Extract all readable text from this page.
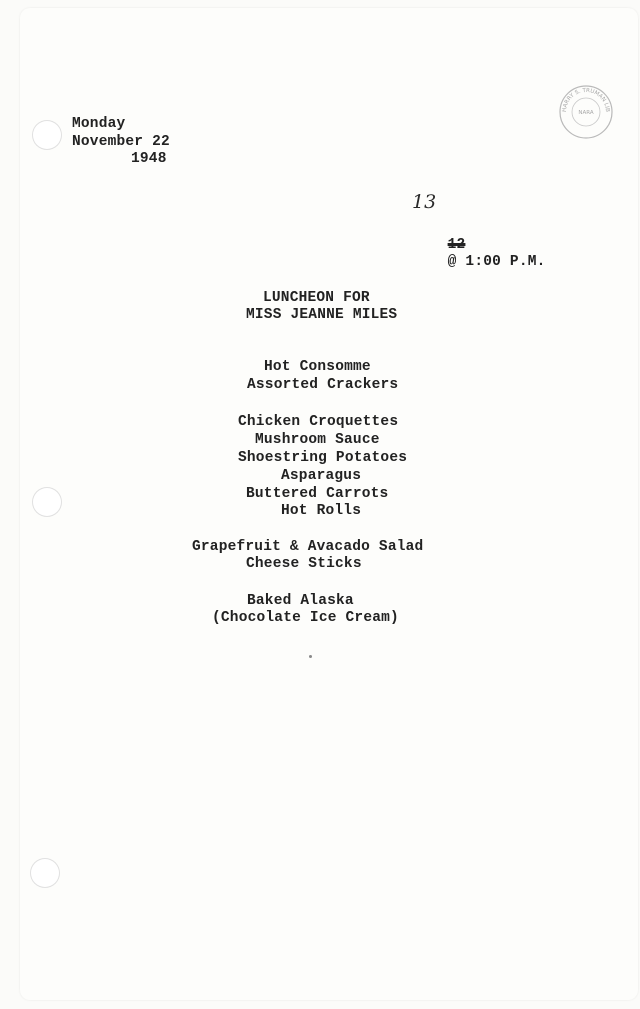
HARRY S. TRUMAN LIB
NARA
Monday
November 22
1948
13

12
@ 1:00 P.M.

LUNCHEON FOR
MISS JEANNE MILES
Hot Consomme
Assorted Crackers
Chicken Croquettes
Mushroom Sauce
Shoestring Potatoes
Asparagus
Buttered Carrots
Hot Rolls
Grapefruit & Avacado Salad
Cheese Sticks
Baked Alaska
(Chocolate Ice Cream)
